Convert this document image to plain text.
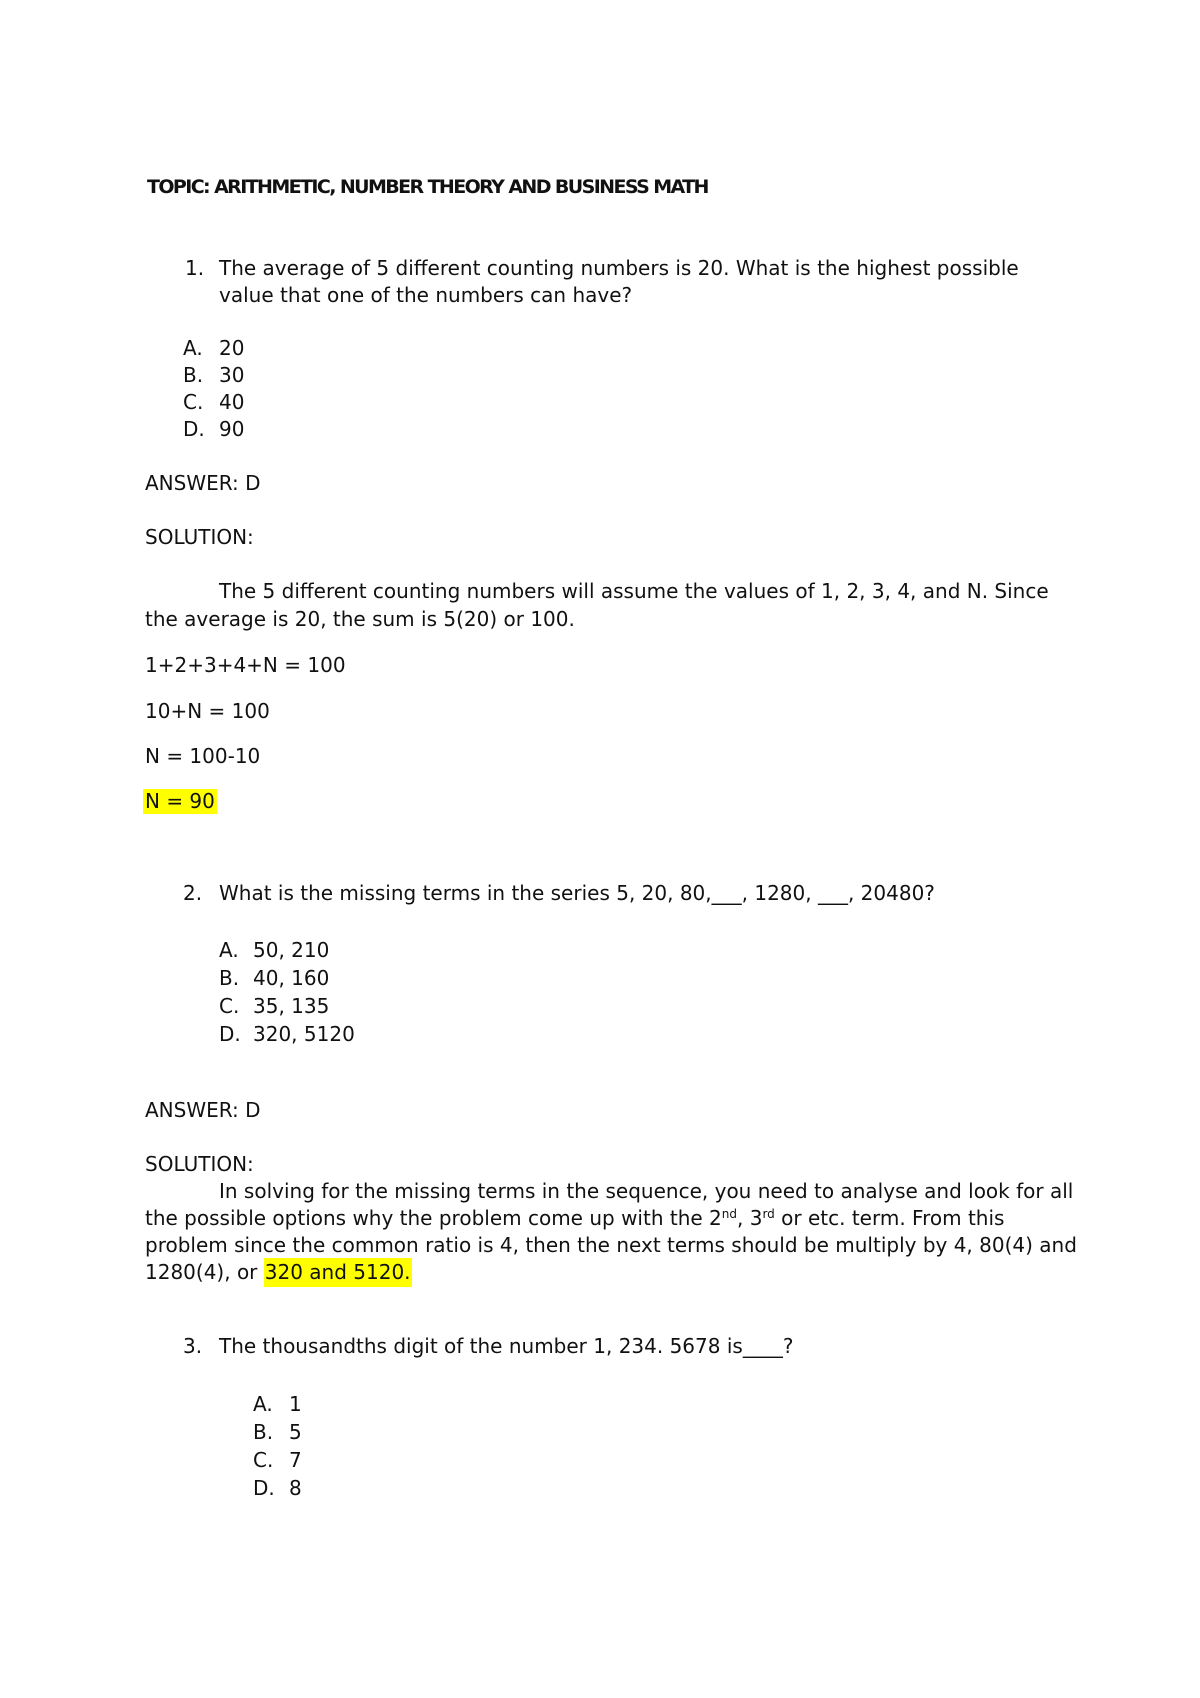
TOPIC: ARITHMETIC, NUMBER THEORY AND BUSINESS MATH
1. The average of 5 different counting numbers is 20. What is the highest possible
value that one of the numbers can have?
A. 20
B. 30
C. 40
D. 90
ANSWER: D
SOLUTION:
The 5 different counting numbers will assume the values of 1, 2, 3, 4, and N. Since
the average is 20, the sum is 5(20) or 100.
1+2+3+4+N = 100
10+N = 100
N = 100-10
N = 90
2. What is the missing terms in the series 5, 20, 80,___, 1280, ___, 20480?
A. 50, 210
B. 40, 160
C. 35, 135
D. 320, 5120
ANSWER: D
SOLUTION:
In solving for the missing terms in the sequence, you need to analyse and look for all
the possible options why the problem come up with the 2nd, 3rd or etc. term. From this
problem since the common ratio is 4, then the next terms should be multiply by 4, 80(4) and
1280(4), or 320 and 5120.
3. The thousandths digit of the number 1, 234. 5678 is____?
A. 1
B. 5
C. 7
D. 8
